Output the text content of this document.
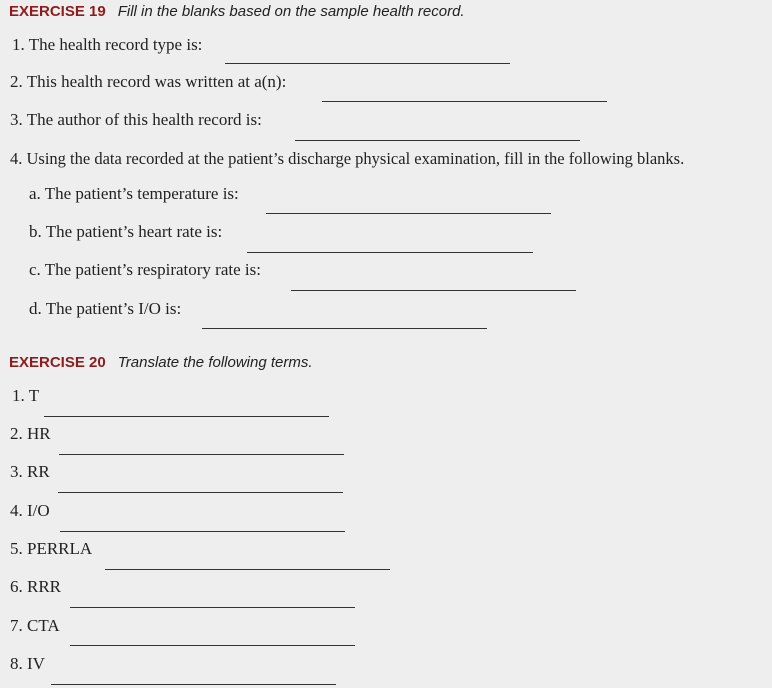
EXERCISE 19 Fill in the blanks based on the sample health record.
1. The health record type is:
2. This health record was written at a(n):
3. The author of this health record is:
4. Using the data recorded at the patient’s discharge physical examination, fill in the following blanks.
a. The patient’s temperature is:
b. The patient’s heart rate is:
c. The patient’s respiratory rate is:
d. The patient’s I/O is:
EXERCISE 20 Translate the following terms.
1. T
2. HR
3. RR
4. I/O
5. PERRLA
6. RRR
7. CTA
8. IV
